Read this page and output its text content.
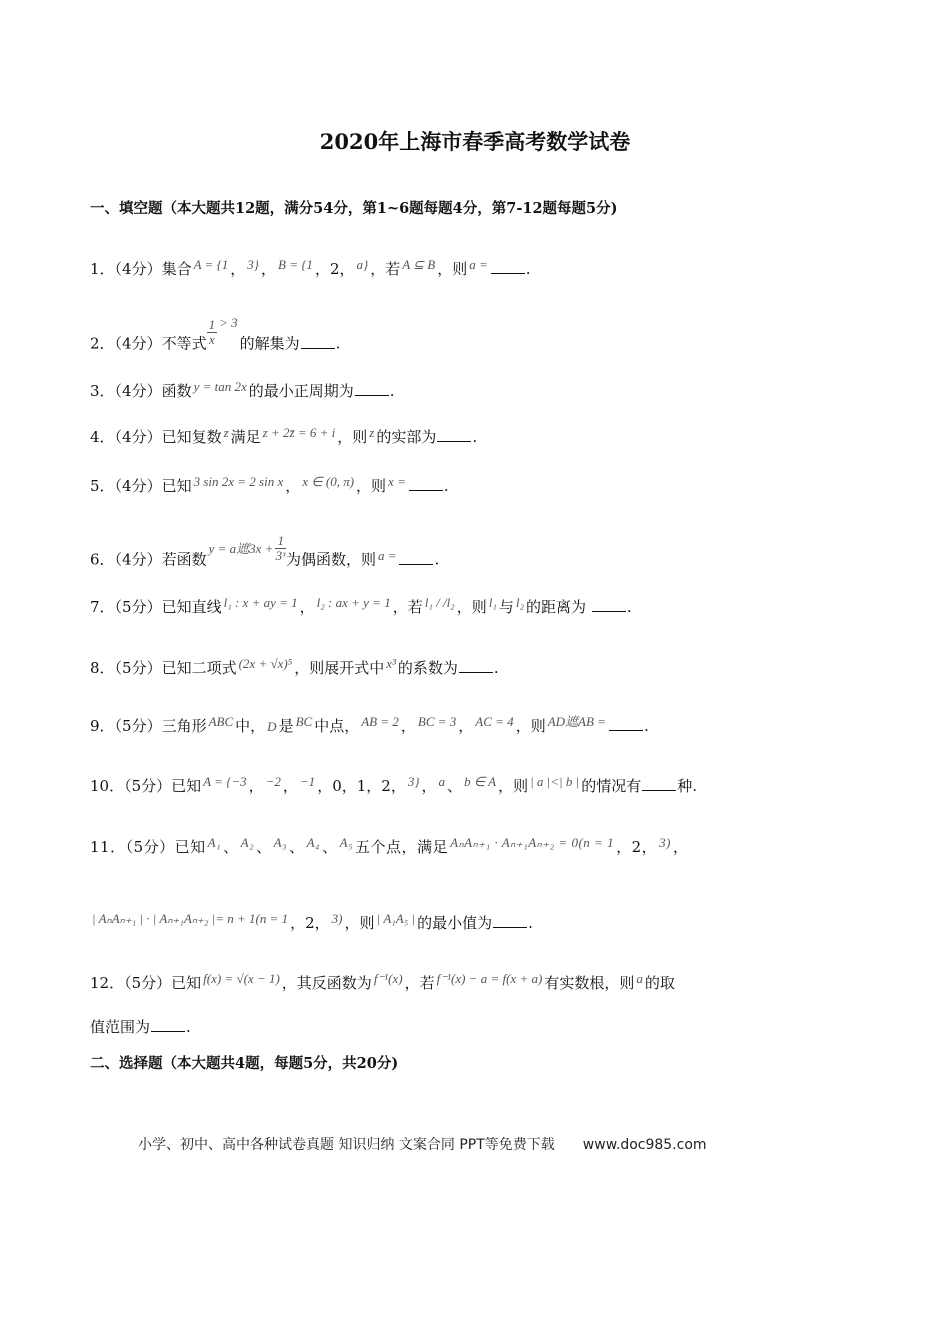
2020年上海市春季高考数学试卷
一、填空题（本大题共12题，满分54分，第1~6题每题4分，第7-12题每题5分)
1．（4分）集合 A = {1 ， 3} ， B = {1 ，2， a} ，若 A ⊆ B ，则 a =	.
2．（4分）不等式 $\frac{1}{x} > 3$的解集为 .
3．（4分）函数 y = tan 2x 的最小正周期为 .
4．（4分）已知复数 z 满足 z + 2z̄ = 6 + i ，则 z 的实部为 .
5．（4分）已知 3 sin 2x = 2 sin x ， x ∈ (0, π) ，则 x =	.
6．（4分）若函数y = a遮$3x + \frac{1}{\text{3ˣ}}$ 为偶函数，则 a =	.
7．（5分）已知直线 l₁ : x + ay = 1 ， l₂ : ax + y = 1 ，若 l₁ / /l₂ ，则 l₁ 与 l₂ 的距离为 .
8．（5分）已知二项式 (2x + √x)⁵ ，则展开式中 x³ 的系数为 .
9．（5分）三角形 ABC 中， D 是 BC 中点， AB = 2 ， BC = 3 ， AC = 4 ，则 AD遮AB =	.
10．（5分）已知 A = {−3 ， −2 ， −1 ，0，1，2， 3} ， a 、 b ∈ A ，则 | a |<| b | 的情况有 种.
11．（5分）已知 A₁ 、 A₂ 、 A₃ 、 A₄ 、 A₅ 五个点，满足 AₙAₙ₊₁ · Aₙ₊₁Aₙ₊₂ = 0(n = 1 ，2， 3) ，
| AₙAₙ₊₁ | · | Aₙ₊₁Aₙ₊₂ |= n + 1(n = 1 ，2， 3) ，则 | A₁A₅ | 的最小值为 .
12．（5分）已知 f(x) = √(x − 1) ，其反函数为 f⁻¹(x) ，若 f⁻¹(x) − a = f(x + a) 有实数根，则 a 的取
值范围为 .
二、选择题（本大题共4题，每题5分，共20分)
小学、初中、高中各种试卷真题 知识归纳 文案合同 PPT等免费下载 www.doc985.com
